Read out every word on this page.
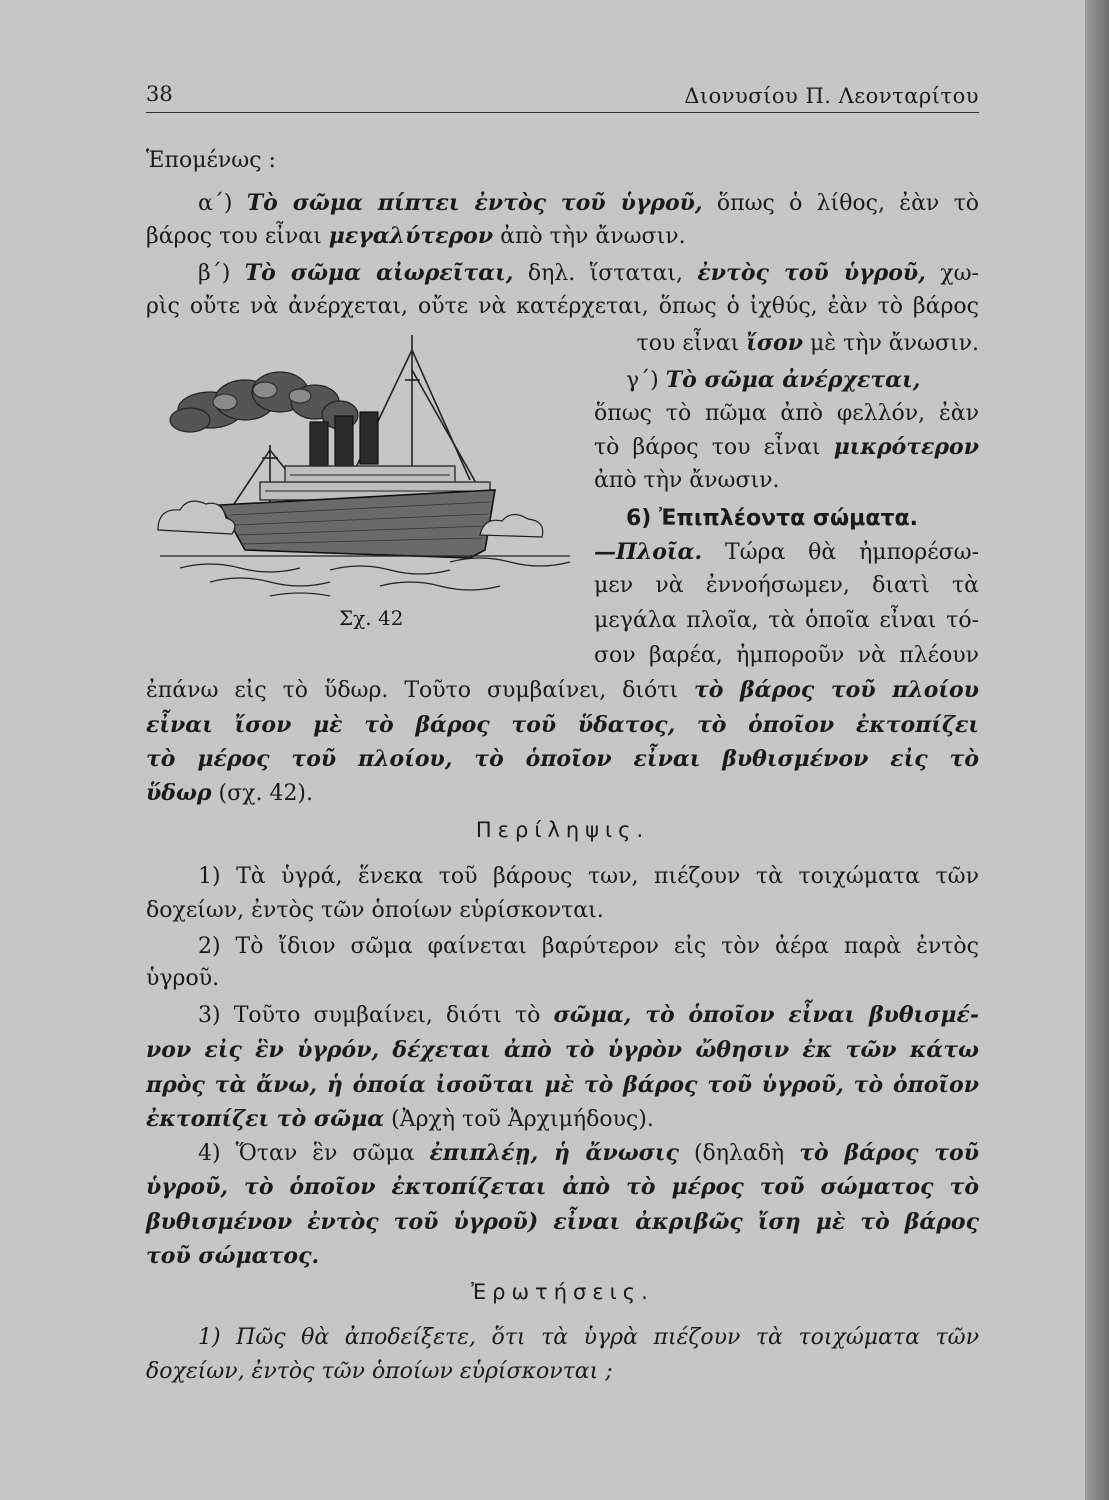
38	Διονυσίου Π. Λεονταρίτου
Ἑπομένως :
α΄) Τὸ σῶμα πίπτει ἐντὸς τοῦ ὑγροῦ, ὅπως ὁ λίθος, ἐὰν τὸ
βάρος του εἶναι μεγαλύτερον ἀπὸ τὴν ἄνωσιν.
β΄) Τὸ σῶμα αἰωρεῖται, δηλ. ἵσταται, ἐντὸς τοῦ ὑγροῦ, χω-
ρὶς οὔτε νὰ ἀνέρχεται, οὔτε νὰ κατέρχεται, ὅπως ὁ ἰχθύς, ἐὰν τὸ βάρος
του εἶναι ἴσον μὲ τὴν ἄνωσιν.
γ΄) Τὸ σῶμα ἀνέρχεται,
ὅπως τὸ πῶμα ἀπὸ φελλόν, ἐὰν
τὸ βάρος του εἶναι μικρότερον
ἀπὸ τὴν ἄνωσιν.
6) Ἐπιπλέοντα σώματα.
—Πλοῖα. Τώρα θὰ ἠμπορέσω-
μεν νὰ ἐννοήσωμεν, διατὶ τὰ
μεγάλα πλοῖα, τὰ ὁποῖα εἶναι τό-
σον βαρέα, ἠμποροῦν νὰ πλέουν
ἐπάνω εἰς τὸ ὕδωρ. Τοῦτο συμβαίνει, διότι τὸ βάρος τοῦ πλοίου
εἶναι ἴσον μὲ τὸ βάρος τοῦ ὕδατος, τὸ ὁποῖον ἐκτοπίζει
τὸ μέρος τοῦ πλοίου, τὸ ὁποῖον εἶναι βυθισμένον εἰς τὸ
ὕδωρ (σχ. 42).
Σχ. 42
Περίληψις.
1) Τὰ ὑγρά, ἕνεκα τοῦ βάρους των, πιέζουν τὰ τοιχώματα τῶν
δοχείων, ἐντὸς τῶν ὁποίων εὑρίσκονται.
2) Τὸ ἴδιον σῶμα φαίνεται βαρύτερον εἰς τὸν ἀέρα παρὰ ἐντὸς
ὑγροῦ.
3) Τοῦτο συμβαίνει, διότι τὸ σῶμα, τὸ ὁποῖον εἶναι βυθισμέ-
νον εἰς ἓν ὑγρόν, δέχεται ἀπὸ τὸ ὑγρὸν ὤθησιν ἐκ τῶν κάτω
πρὸς τὰ ἄνω, ἡ ὁποία ἰσοῦται μὲ τὸ βάρος τοῦ ὑγροῦ, τὸ ὁποῖον
ἐκτοπίζει τὸ σῶμα (Ἀρχὴ τοῦ Ἀρχιμήδους).
4) Ὅταν ἓν σῶμα ἐπιπλέῃ, ἡ ἄνωσις (δηλαδὴ τὸ βάρος τοῦ
ὑγροῦ, τὸ ὁποῖον ἐκτοπίζεται ἀπὸ τὸ μέρος τοῦ σώματος τὸ
βυθισμένον ἐντὸς τοῦ ὑγροῦ) εἶναι ἀκριβῶς ἴση μὲ τὸ βάρος
τοῦ σώματος.
Ἐρωτήσεις.
1) Πῶς θὰ ἀποδείξετε, ὅτι τὰ ὑγρὰ πιέζουν τὰ τοιχώματα τῶν
δοχείων, ἐντὸς τῶν ὁποίων εὑρίσκονται ;
